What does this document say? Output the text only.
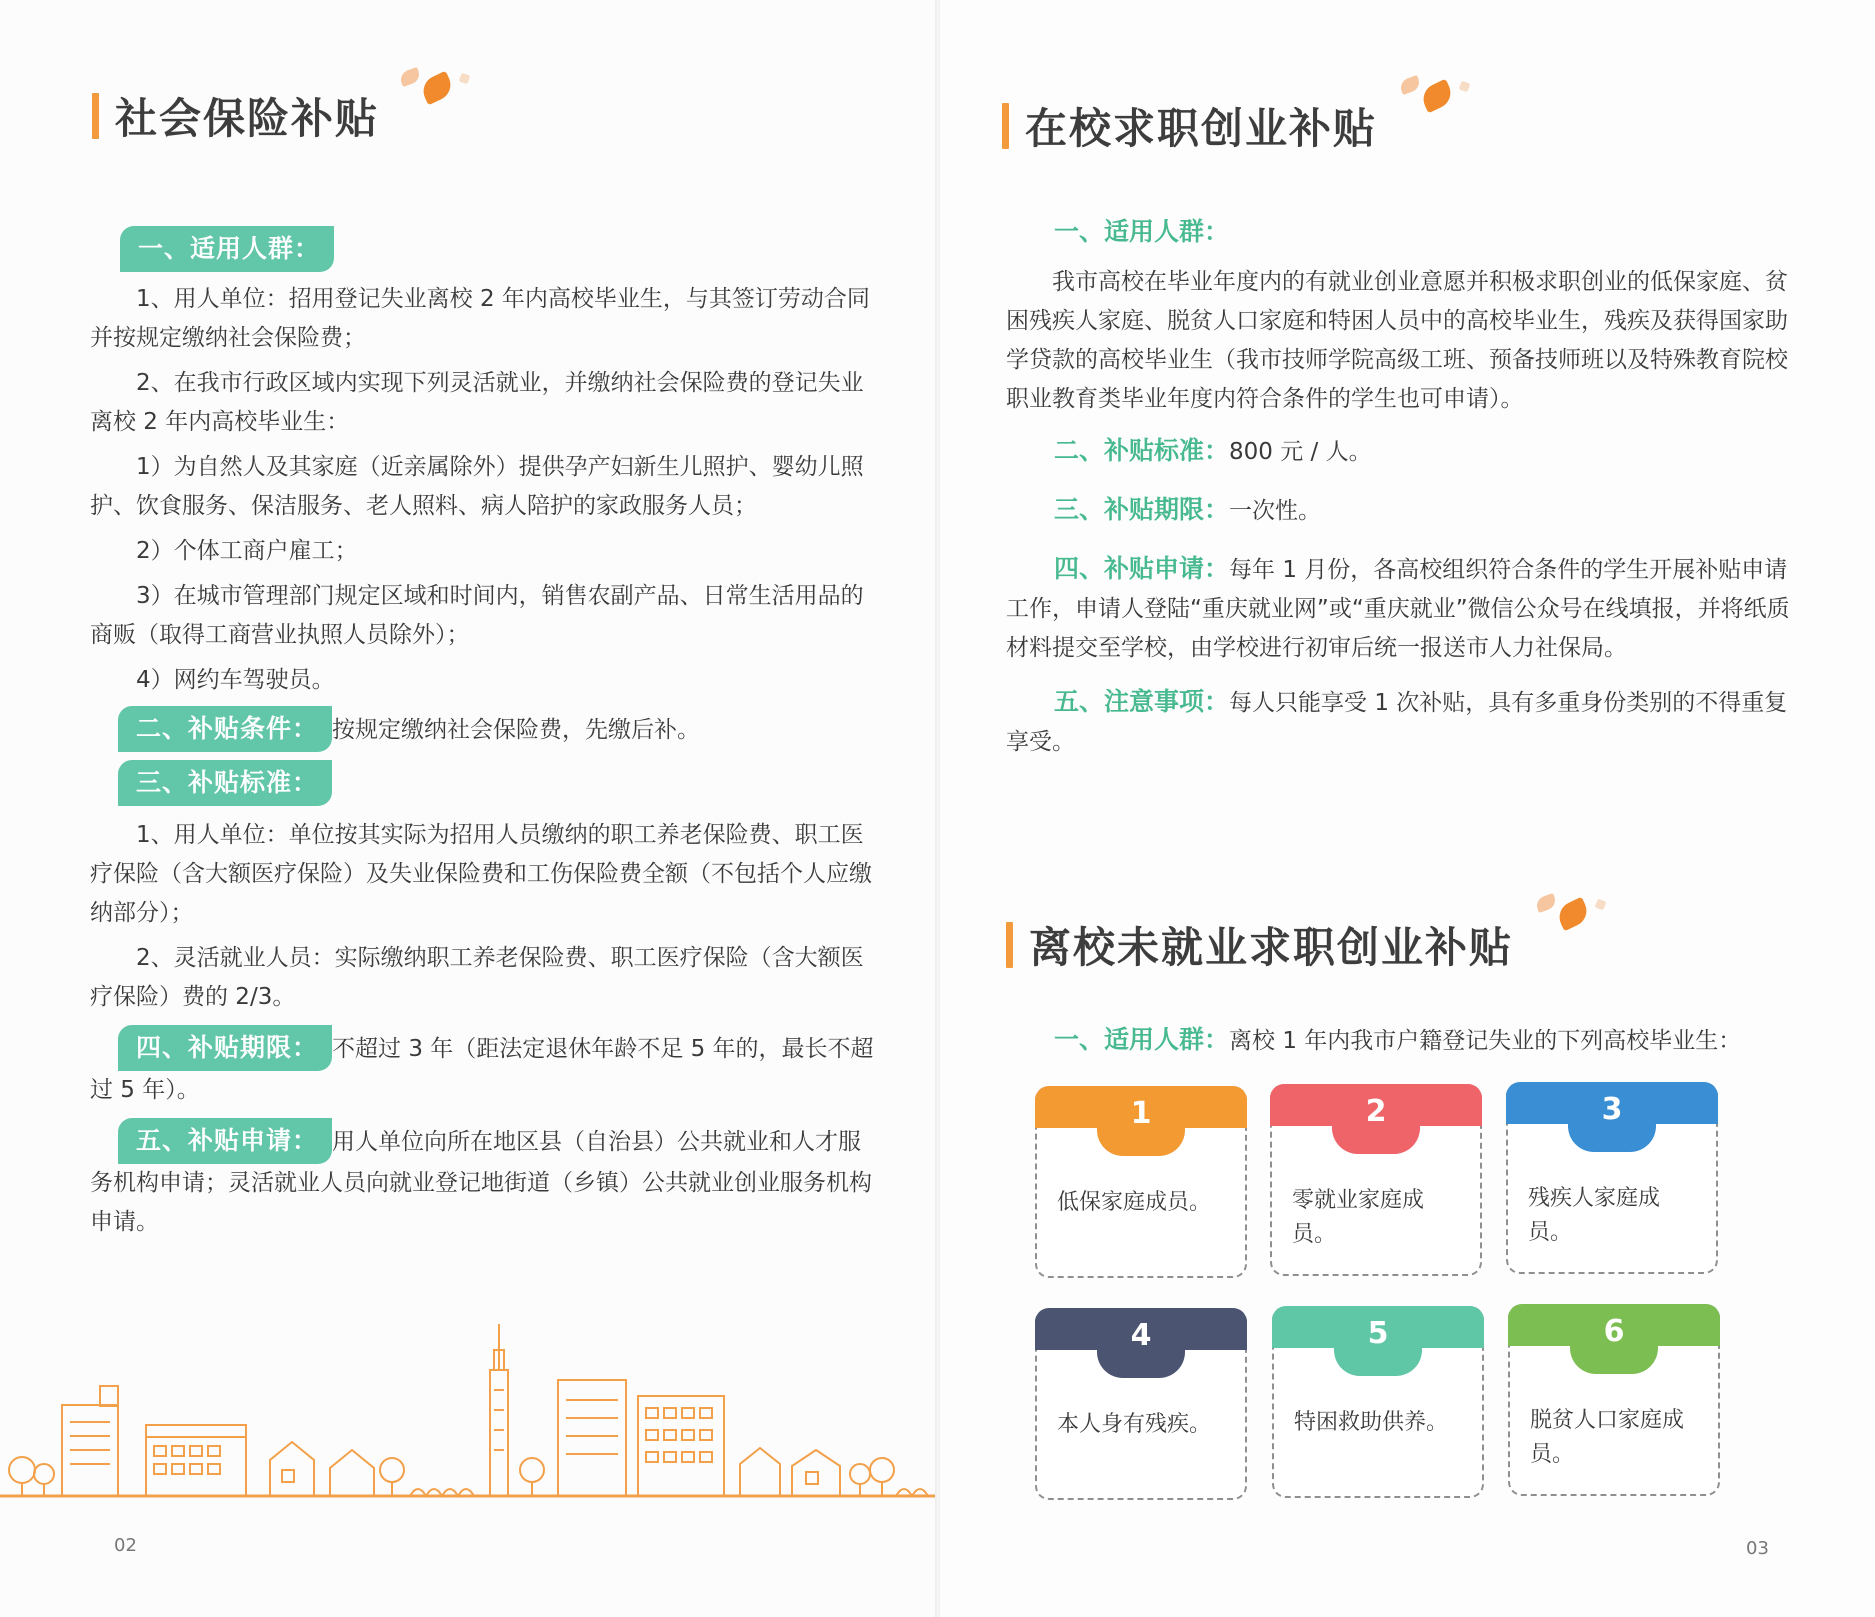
社会保险补贴

一、适用人群：

1、用人单位：招用登记失业离校 2 年内高校毕业生，与其签订劳动合同并按规定缴纳社会保险费；

2、在我市行政区域内实现下列灵活就业，并缴纳社会保险费的登记失业离校 2 年内高校毕业生：

1）为自然人及其家庭（近亲属除外）提供孕产妇新生儿照护、婴幼儿照护、饮食服务、保洁服务、老人照料、病人陪护的家政服务人员；

2）个体工商户雇工；

3）在城市管理部门规定区域和时间内，销售农副产品、日常生活用品的商贩（取得工商营业执照人员除外）；

4）网约车驾驶员。

二、补贴条件： 按规定缴纳社会保险费，先缴后补。

三、补贴标准：

1、用人单位：单位按其实际为招用人员缴纳的职工养老保险费、职工医疗保险（含大额医疗保险）及失业保险费和工伤保险费全额（不包括个人应缴纳部分）；

2、灵活就业人员：实际缴纳职工养老保险费、职工医疗保险（含大额医疗保险）费的 2/3。

四、补贴期限： 不超过 3 年（距法定退休年龄不足 5 年的，最长不超过 5 年）。

五、补贴申请： 用人单位向所在地区县（自治县）公共就业和人才服务机构申请；灵活就业人员向就业登记地街道（乡镇）公共就业创业服务机构申请。

02
在校求职创业补贴

一、适用人群：

我市高校在毕业年度内的有就业创业意愿并积极求职创业的低保家庭、贫困残疾人家庭、脱贫人口家庭和特困人员中的高校毕业生，残疾及获得国家助学贷款的高校毕业生（我市技师学院高级工班、预备技师班以及特殊教育院校职业教育类毕业年度内符合条件的学生也可申请）。

二、补贴标准：800 元 / 人。

三、补贴期限：一次性。

四、补贴申请：每年 1 月份，各高校组织符合条件的学生开展补贴申请工作，申请人登陆“重庆就业网”或“重庆就业”微信公众号在线填报，并将纸质材料提交至学校，由学校进行初审后统一报送市人力社保局。

五、注意事项：每人只能享受 1 次补贴，具有多重身份类别的不得重复享受。

离校未就业求职创业补贴

一、适用人群：离校 1 年内我市户籍登记失业的下列高校毕业生：

1
低保家庭成员。
2
零就业家庭成员。
3
残疾人家庭成员。
4
本人身有残疾。
5
特困救助供养。
6
脱贫人口家庭成员。
03
